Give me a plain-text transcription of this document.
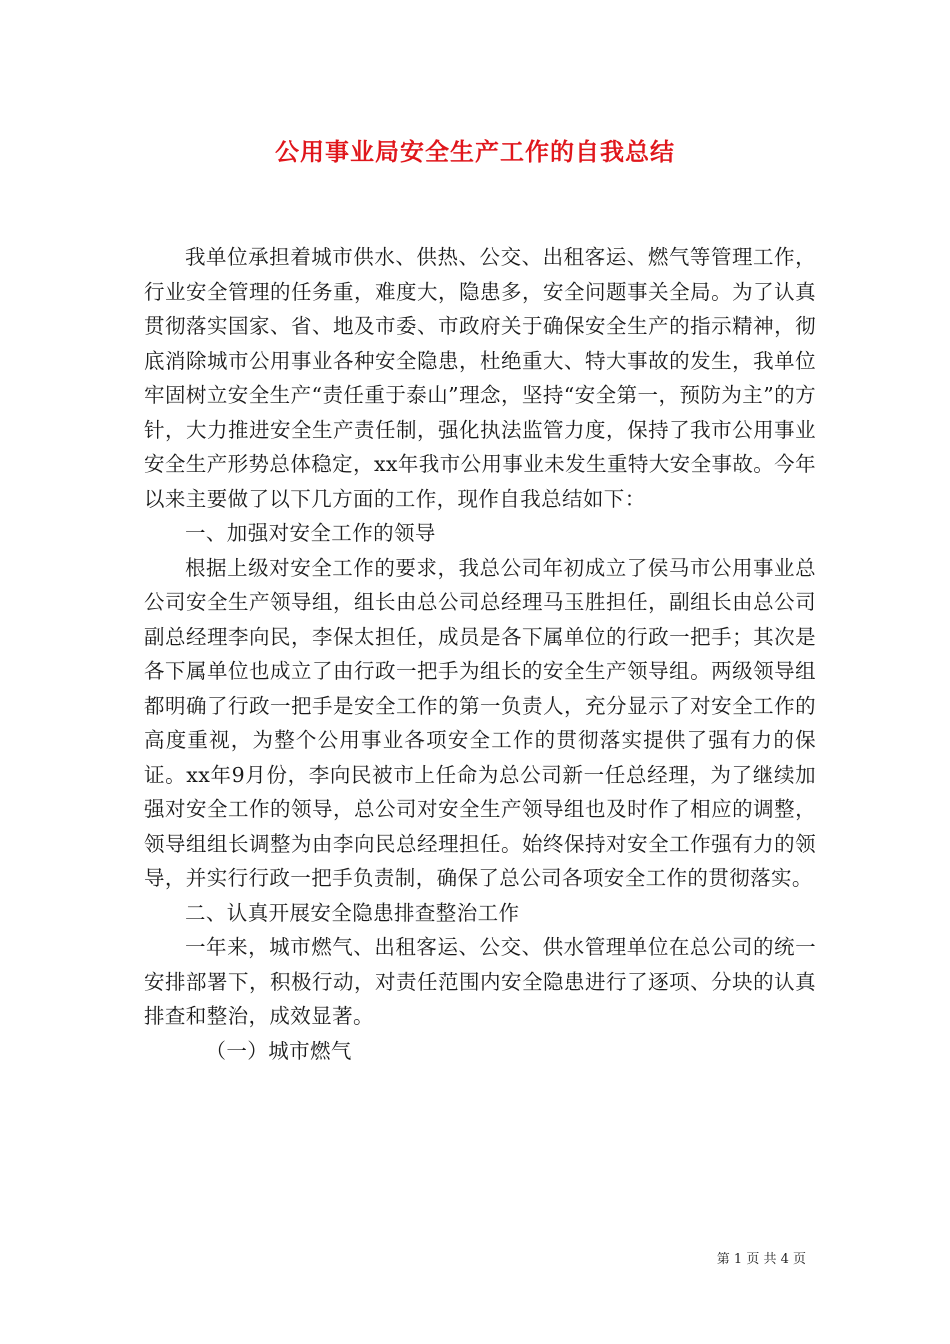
公用事业局安全生产工作的自我总结

我单位承担着城市供水、供热、公交、出租客运、燃气等管理工作，行业安全管理的任务重，难度大，隐患多，安全问题事关全局。为了认真贯彻落实国家、省、地及市委、市政府关于确保安全生产的指示精神，彻底消除城市公用事业各种安全隐患，杜绝重大、特大事故的发生，我单位牢固树立安全生产“责任重于泰山”理念，坚持“安全第一，预防为主”的方针，大力推进安全生产责任制，强化执法监管力度，保持了我市公用事业安全生产形势总体稳定，xx年我市公用事业未发生重特大安全事故。今年以来主要做了以下几方面的工作，现作自我总结如下：

一、加强对安全工作的领导

根据上级对安全工作的要求，我总公司年初成立了侯马市公用事业总公司安全生产领导组，组长由总公司总经理马玉胜担任，副组长由总公司副总经理李向民，李保太担任，成员是各下属单位的行政一把手；其次是各下属单位也成立了由行政一把手为组长的安全生产领导组。两级领导组都明确了行政一把手是安全工作的第一负责人，充分显示了对安全工作的高度重视，为整个公用事业各项安全工作的贯彻落实提供了强有力的保证。xx年9月份，李向民被市上任命为总公司新一任总经理，为了继续加强对安全工作的领导，总公司对安全生产领导组也及时作了相应的调整，领导组组长调整为由李向民总经理担任。始终保持对安全工作强有力的领导，并实行行政一把手负责制，确保了总公司各项安全工作的贯彻落实。

二、认真开展安全隐患排查整治工作

一年来，城市燃气、出租客运、公交、供水管理单位在总公司的统一安排部署下，积极行动，对责任范围内安全隐患进行了逐项、分块的认真排查和整治，成效显著。

（一）城市燃气

第 1 页 共 4 页
